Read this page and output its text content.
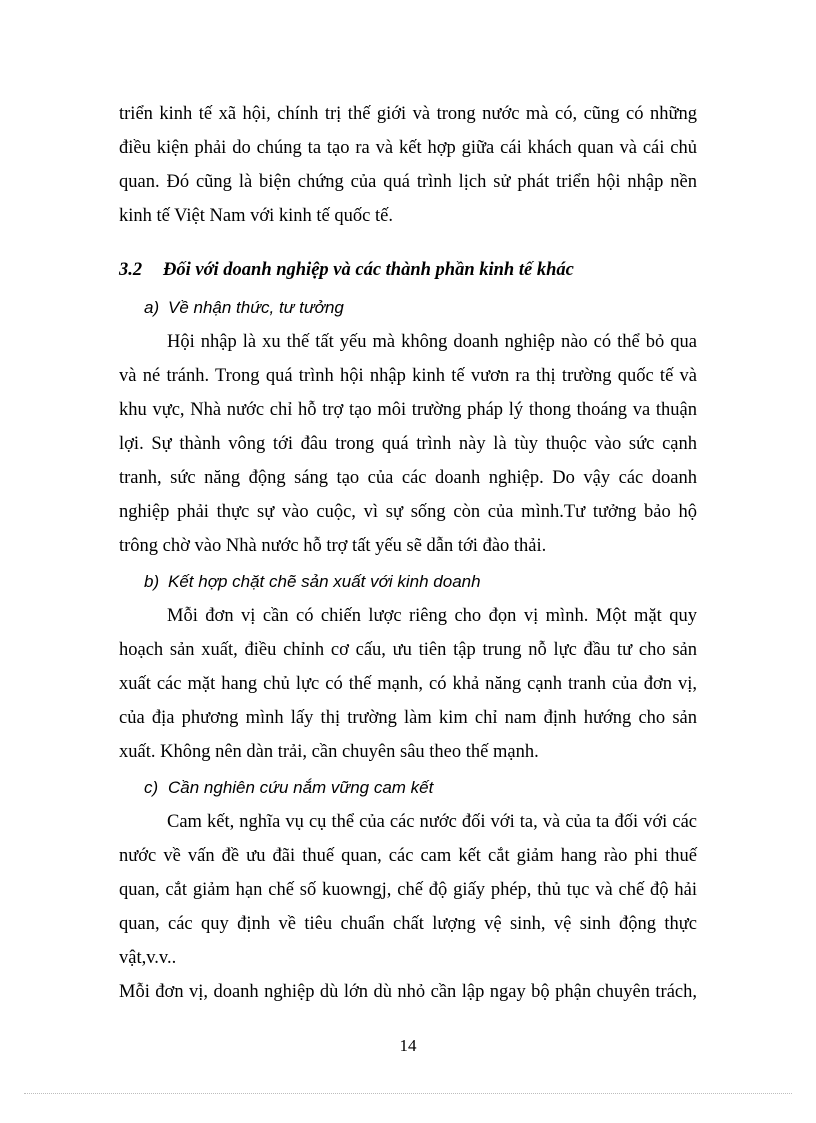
triển kinh tế xã hội, chính trị thế giới và trong nước mà có, cũng có những
điều kiện phải do chúng ta tạo ra và kết hợp giữa cái khách quan và cái chủ
quan. Đó cũng là biện chứng của quá trình lịch sử phát triển hội nhập nền
kinh tế Việt Nam với kinh tế quốc tế.
3.2 Đối với doanh nghiệp và các thành phần kinh tế khác
a) Về nhận thức, tư tưởng
Hội nhập là xu thế tất yếu mà không doanh nghiệp nào có thể bỏ qua
và né tránh. Trong quá trình hội nhập kinh tế vươn ra thị trường quốc tế và
khu vực, Nhà nước chỉ hỗ trợ tạo môi trường pháp lý thong thoáng va thuận
lợi. Sự thành vông tới đâu trong quá trình này là tùy thuộc vào sức cạnh
tranh, sức năng động sáng tạo của các doanh nghiệp. Do vậy các doanh
nghiệp phải thực sự vào cuộc, vì sự sống còn của mình.Tư tưởng bảo hộ
trông chờ vào Nhà nước hỗ trợ tất yếu sẽ dẫn tới đào thải.
b) Kết hợp chặt chẽ sản xuất với kinh doanh
Mỗi đơn vị cần có chiến lược riêng cho đọn vị mình. Một mặt quy
hoạch sản xuất, điều chỉnh cơ cấu, ưu tiên tập trung nỗ lực đầu tư cho sản
xuất các mặt hang chủ lực có thế mạnh, có khả năng cạnh tranh của đơn vị,
của địa phương mình lấy thị trường làm kim chỉ nam định hướng cho sản
xuất. Không nên dàn trải, cần chuyên sâu theo thế mạnh.
c) Cần nghiên cứu nắm vững cam kết
Cam kết, nghĩa vụ cụ thể của các nước đối với ta, và của ta đối với các
nước về vấn đề ưu đãi thuế quan, các cam kết cắt giảm hang rào phi thuế
quan, cắt giảm hạn chế số kuowngj, chế độ giấy phép, thủ tục và chế độ hải
quan, các quy định về tiêu chuẩn chất lượng vệ sinh, vệ sinh động thực
vật,v.v..
Mỗi đơn vị, doanh nghiệp dù lớn dù nhỏ cần lập ngay bộ phận chuyên trách,
14
